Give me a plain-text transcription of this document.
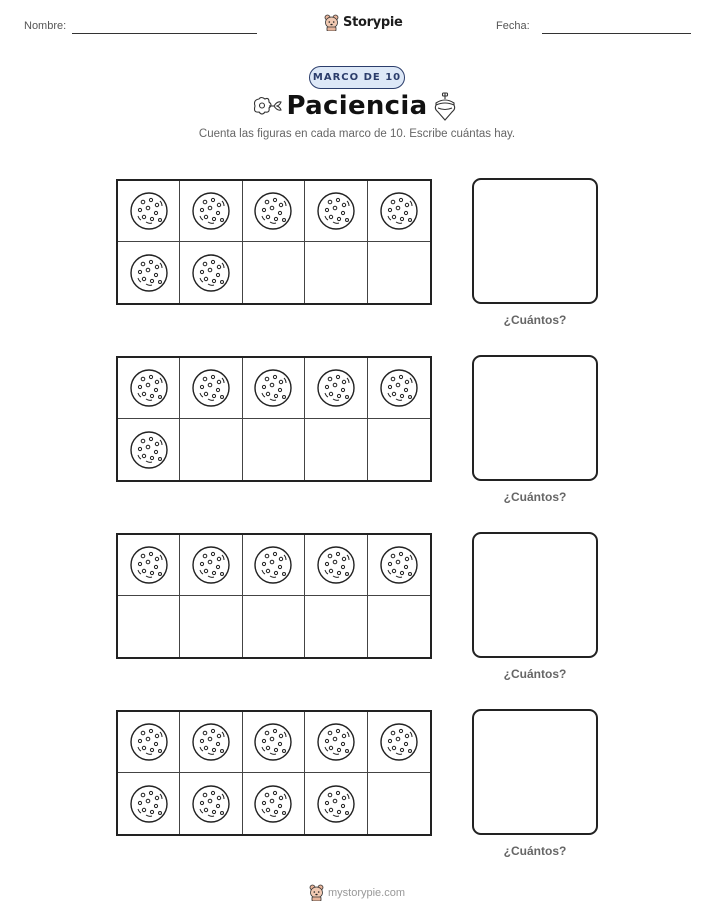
Nombre:	Storypie	Fecha:
MARCO DE 10
Paciencia
Cuenta las figuras en cada marco de 10. Escribe cuántas hay.
¿Cuántos?
¿Cuántos?
¿Cuántos?
¿Cuántos?
mystorypie.com
